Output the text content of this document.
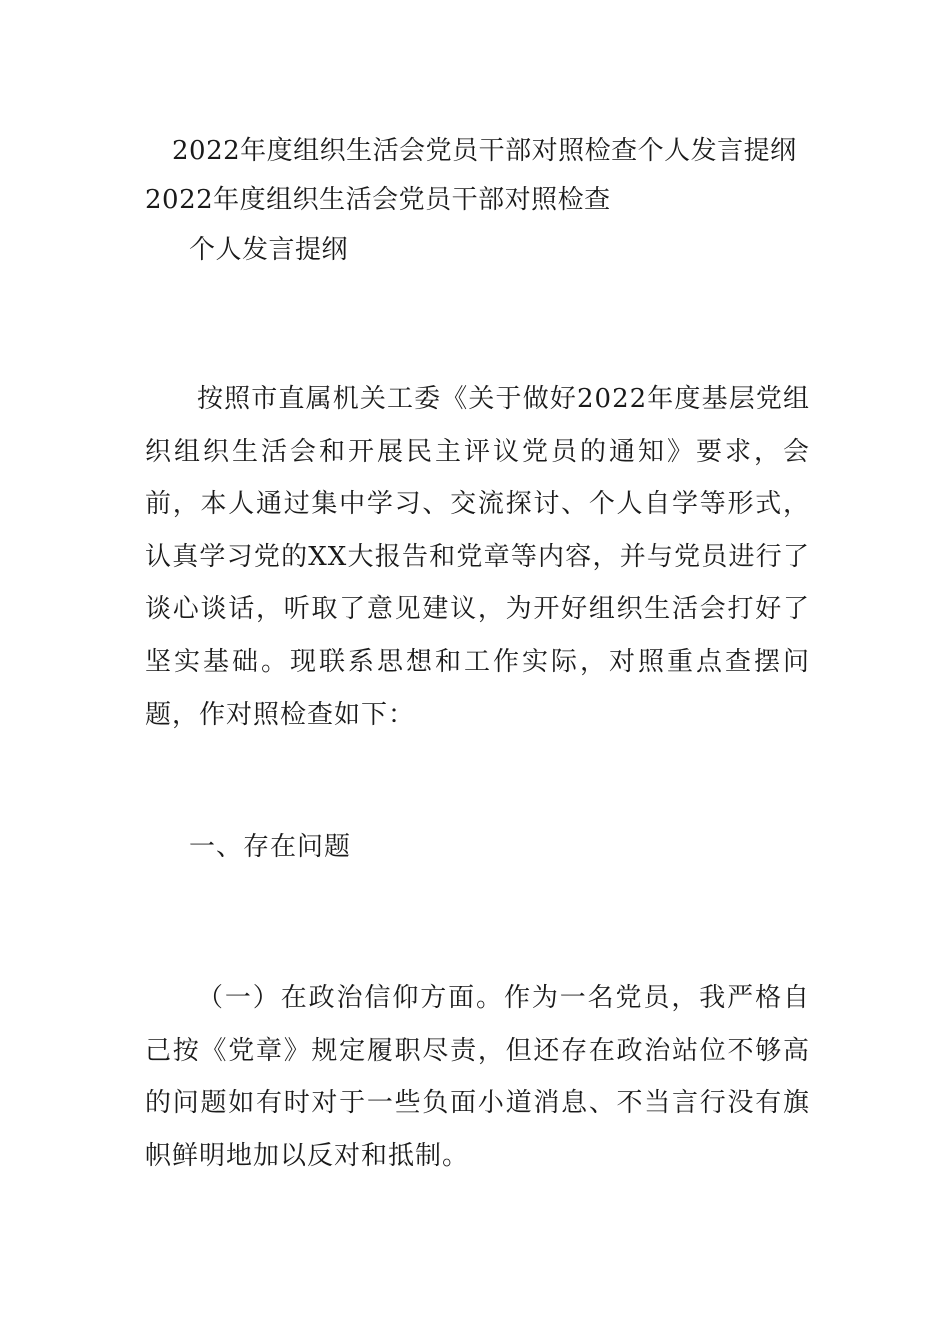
2022年度组织生活会党员干部对照检查个人发言提纲
2022年度组织生活会党员干部对照检查
个人发言提纲

按照市直属机关工委《关于做好2022年度基层党组织组织生活会和开展民主评议党员的通知》要求，会前，本人通过集中学习、交流探讨、个人自学等形式，认真学习党的XX大报告和党章等内容，并与党员进行了谈心谈话，听取了意见建议，为开好组织生活会打好了坚实基础。现联系思想和工作实际，对照重点查摆问题，作对照检查如下：

一、存在问题

（一）在政治信仰方面。作为一名党员，我严格自己按《党章》规定履职尽责，但还存在政治站位不够高的问题如有时对于一些负面小道消息、不当言行没有旗帜鲜明地加以反对和抵制。
